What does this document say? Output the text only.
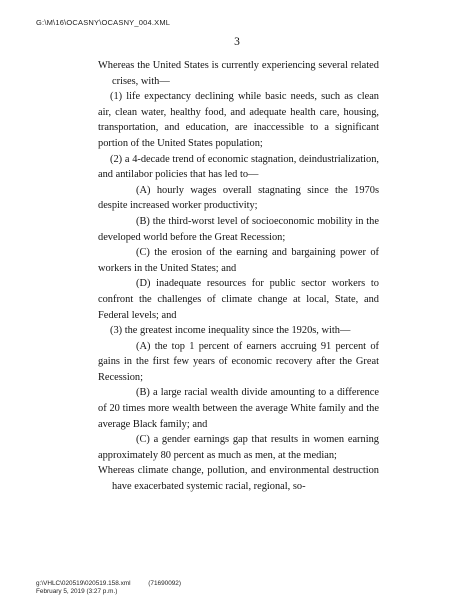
G:\M\16\OCASNY\OCASNY_004.XML
3

Whereas the United States is currently experiencing several related crises, with—

(1) life expectancy declining while basic needs, such as clean air, clean water, healthy food, and adequate health care, housing, transportation, and education, are inaccessible to a significant portion of the United States population;

(2) a 4-decade trend of economic stagnation, deindustrialization, and antilabor policies that has led to—

(A) hourly wages overall stagnating since the 1970s despite increased worker productivity;

(B) the third-worst level of socioeconomic mobility in the developed world before the Great Recession;

(C) the erosion of the earning and bargaining power of workers in the United States; and

(D) inadequate resources for public sector workers to confront the challenges of climate change at local, State, and Federal levels; and

(3) the greatest income inequality since the 1920s, with—

(A) the top 1 percent of earners accruing 91 percent of gains in the first few years of economic recovery after the Great Recession;

(B) a large racial wealth divide amounting to a difference of 20 times more wealth between the average White family and the average Black family; and

(C) a gender earnings gap that results in women earning approximately 80 percent as much as men, at the median;

Whereas climate change, pollution, and environmental destruction have exacerbated systemic racial, regional, so-

g:\VHLC\020519\020519.158.xml	(71690092)
February 5, 2019 (3:27 p.m.)
